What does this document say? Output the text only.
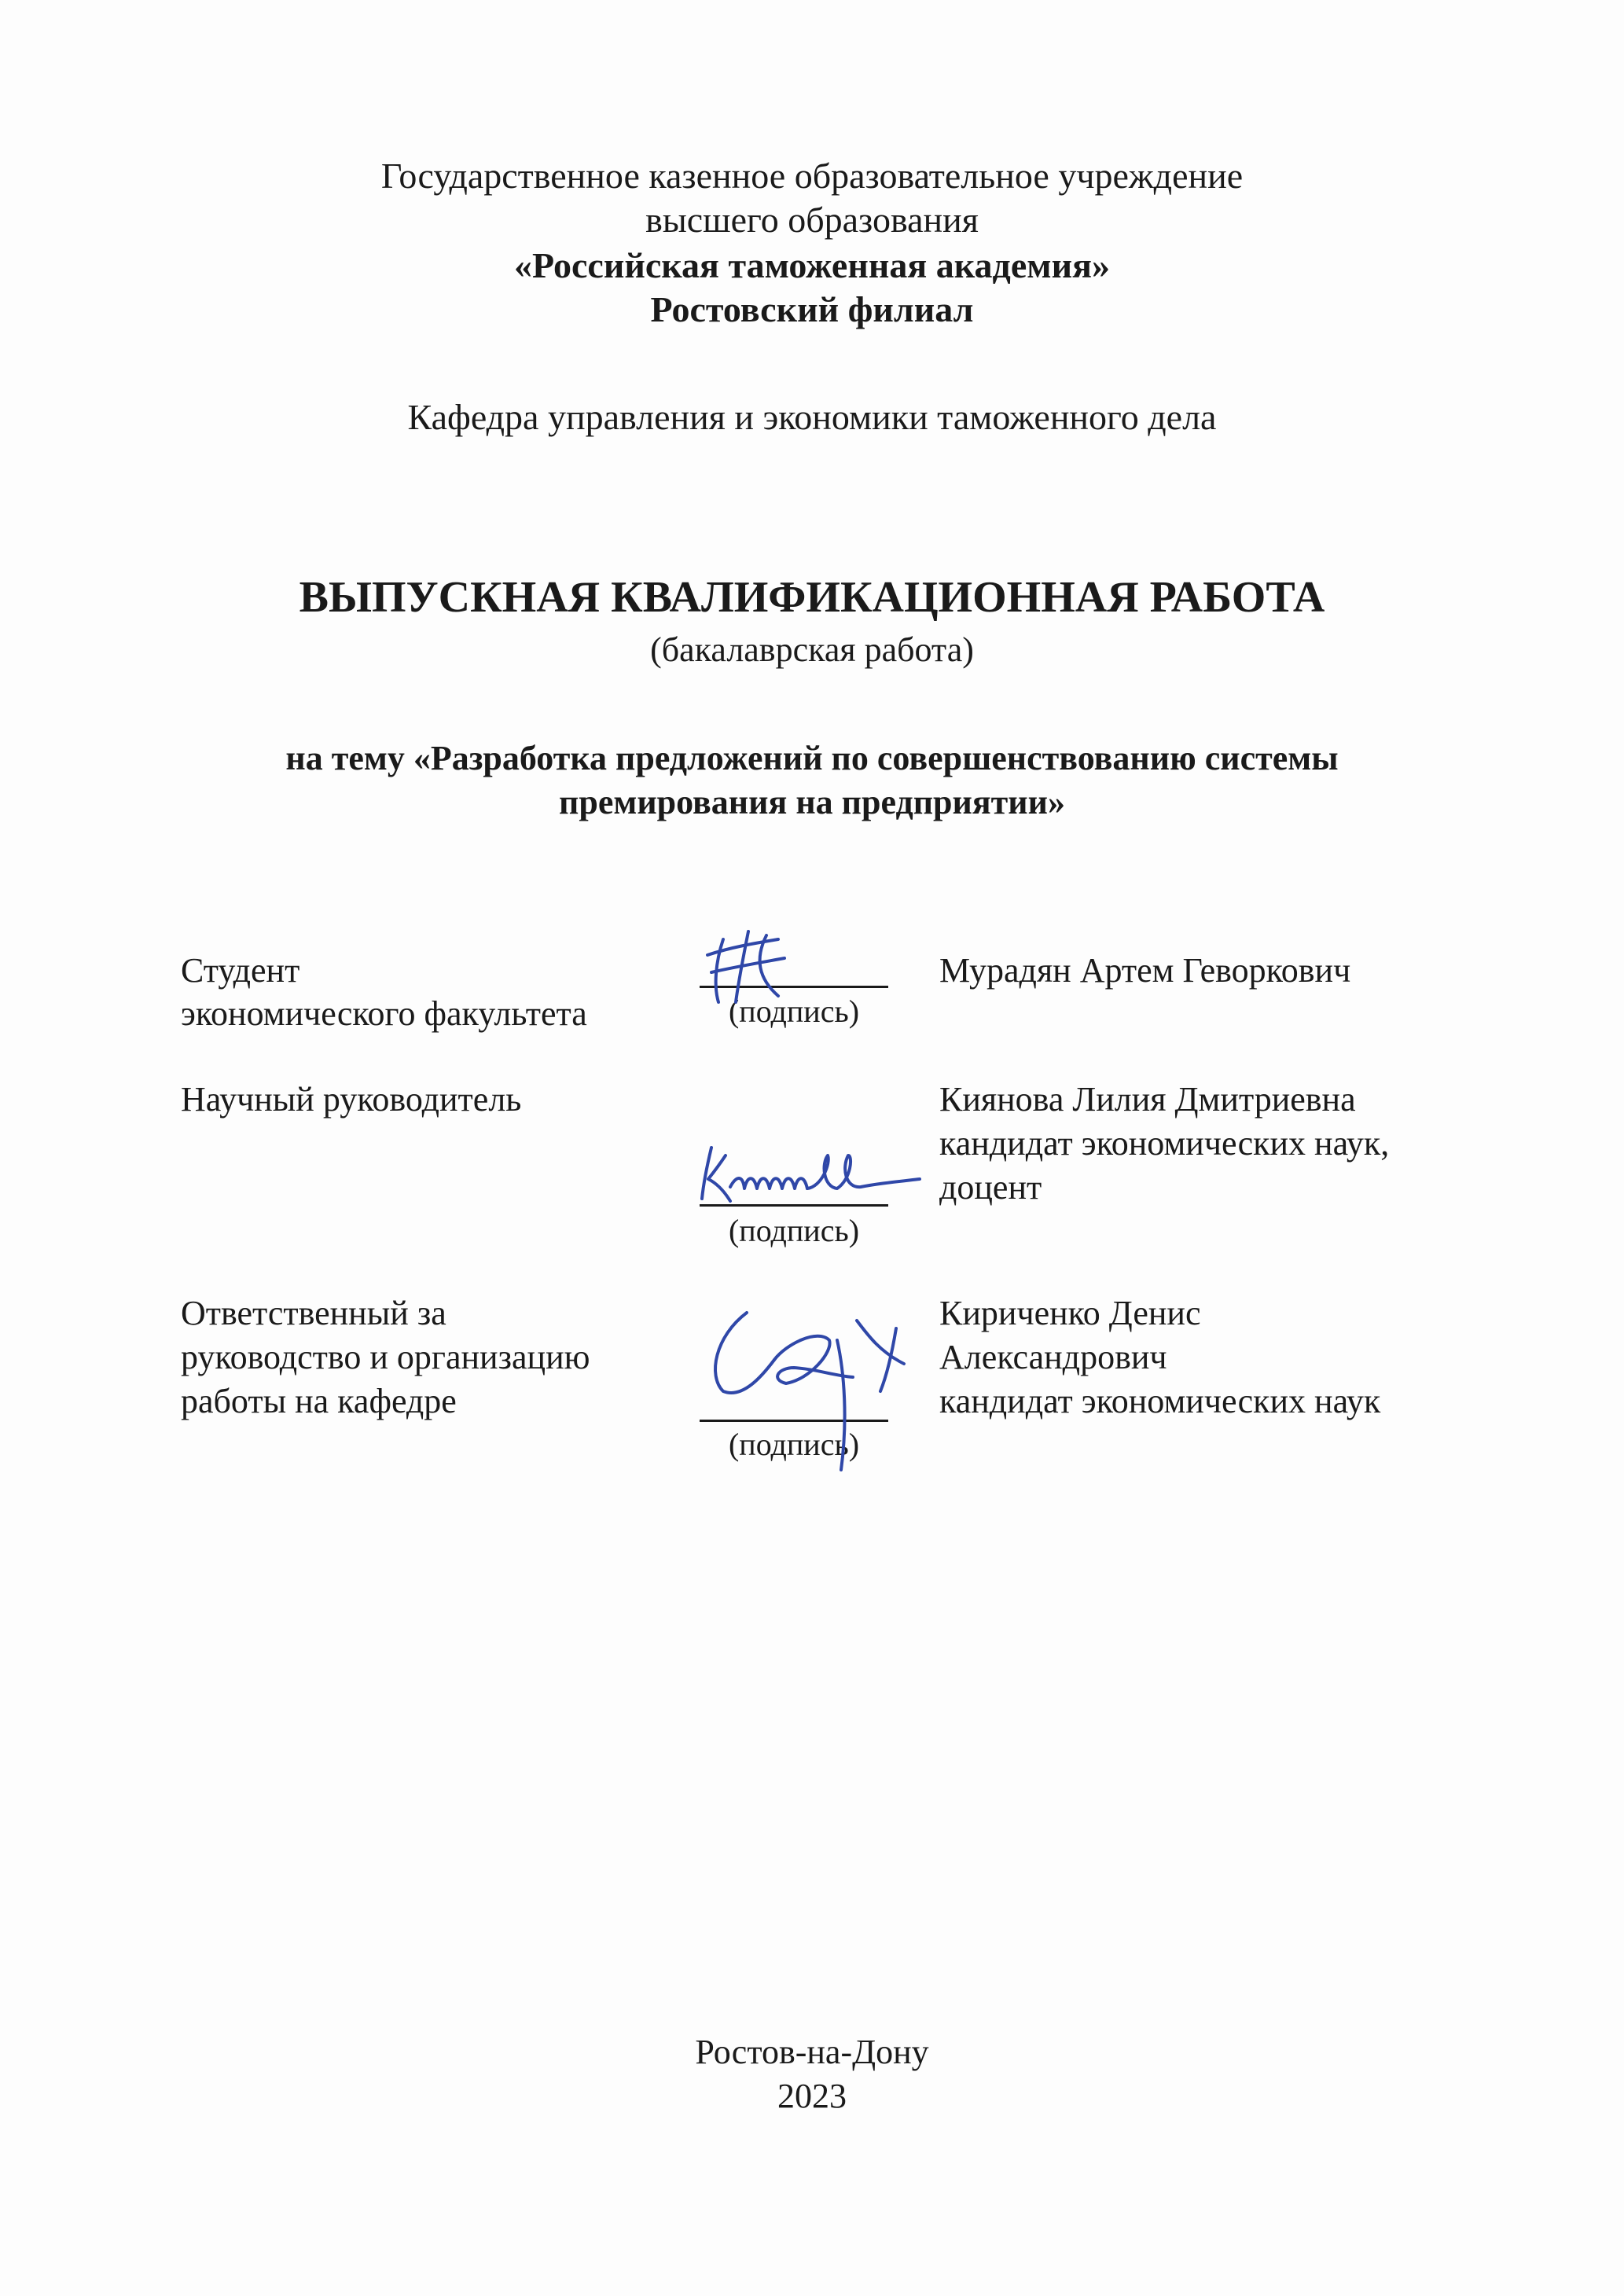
Государственное казенное образовательное учреждение
высшего образования
«Российская таможенная академия»
Ростовский филиал
Кафедра управления и экономики таможенного дела
ВЫПУСКНАЯ КВАЛИФИКАЦИОННАЯ РАБОТА
(бакалаврская работа)
на тему «Разработка предложений по совершенствованию системы
премирования на предприятии»
Студент
экономического факультета	(подпись)
Мурадян Артем Геворкович
Научный руководитель
(подпись)
Киянова Лилия Дмитриевна
кандидат экономических наук,
доцент
Ответственный за
руководство и организацию
работы на кафедре
(подпись)
Кириченко Денис
Александрович
кандидат экономических наук
Ростов-на-Дону
2023
